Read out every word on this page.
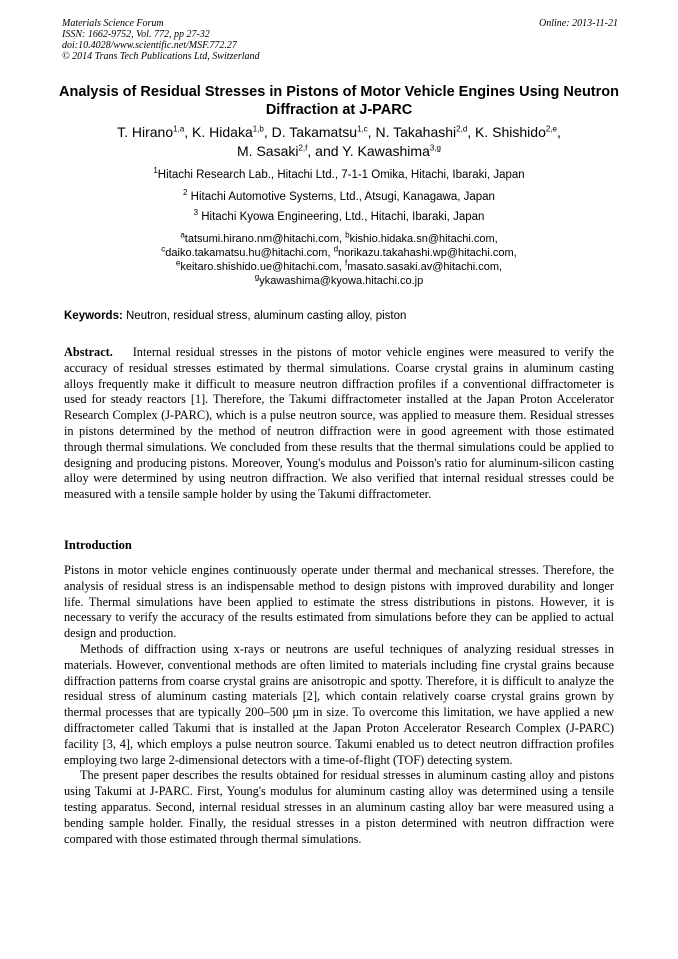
Materials Science Forum
ISSN: 1662-9752, Vol. 772, pp 27-32
doi:10.4028/www.scientific.net/MSF.772.27
© 2014 Trans Tech Publications Ltd, Switzerland
Online: 2013-11-21
Analysis of Residual Stresses in Pistons of Motor Vehicle Engines Using Neutron Diffraction at J-PARC
T. Hirano$^{1,a}$, K. Hidaka$^{1,b}$, D. Takamatsu$^{1,c}$, N. Takahashi$^{2,d}$, K. Shishido$^{2,e}$,
M. Sasaki$^{2,f}$, and Y. Kawashima$^{3,g}$
$^1$Hitachi Research Lab., Hitachi Ltd., 7-1-1 Omika, Hitachi, Ibaraki, Japan
$^2$ Hitachi Automotive Systems, Ltd., Atsugi, Kanagawa, Japan
$^3$ Hitachi Kyowa Engineering, Ltd., Hitachi, Ibaraki, Japan
$^a$tatsumi.hirano.nm@hitachi.com, $^b$kishio.hidaka.sn@hitachi.com,
$^c$daiko.takamatsu.hu@hitachi.com, $^d$norikazu.takahashi.wp@hitachi.com,
$^e$keitaro.shishido.ue@hitachi.com, $^f$masato.sasaki.av@hitachi.com,
$^g$ykawashima@kyowa.hitachi.co.jp
Keywords: Neutron, residual stress, aluminum casting alloy, piston
Abstract. Internal residual stresses in the pistons of motor vehicle engines were measured to verify the accuracy of residual stresses estimated by thermal simulations. Coarse crystal grains in aluminum casting alloys frequently make it difficult to measure neutron diffraction profiles if a conventional diffractometer is used for steady reactors [1]. Therefore, the Takumi diffractometer installed at the Japan Proton Accelerator Research Complex (J-PARC), which is a pulse neutron source, was applied to measure them. Residual stresses in pistons determined by the method of neutron diffraction were in good agreement with those estimated through thermal simulations. We concluded from these results that the thermal simulations could be applied to designing and producing pistons. Moreover, Young's modulus and Poisson's ratio for aluminum-silicon casting alloy were determined by using neutron diffraction. We also verified that internal residual stresses could be measured with a tensile sample holder by using the Takumi diffractometer.
Introduction

Pistons in motor vehicle engines continuously operate under thermal and mechanical stresses. Therefore, the analysis of residual stress is an indispensable method to design pistons with improved durability and longer life. Thermal simulations have been applied to estimate the stress distributions in pistons. However, it is necessary to verify the accuracy of the results estimated from simulations before they can be applied to actual design and production.

Methods of diffraction using x-rays or neutrons are useful techniques of analyzing residual stresses in materials. However, conventional methods are often limited to materials including fine crystal grains because diffraction patterns from coarse crystal grains are anisotropic and spotty. Therefore, it is difficult to analyze the residual stress of aluminum casting materials [2], which contain relatively coarse crystal grains grown by thermal processes that are typically 200–500 µm in size. To overcome this limitation, we have applied a new diffractometer called Takumi that is installed at the Japan Proton Accelerator Research Complex (J-PARC) facility [3, 4], which employs a pulse neutron source. Takumi enabled us to detect neutron diffraction profiles employing two large 2-dimensional detectors with a time-of-flight (TOF) detecting system.

The present paper describes the results obtained for residual stresses in aluminum casting alloy and pistons using Takumi at J-PARC. First, Young's modulus for aluminum casting alloy was determined using a tensile testing apparatus. Second, internal residual stresses in an aluminum casting alloy bar were measured using a bending sample holder. Finally, the residual stresses in a piston determined with neutron diffraction were compared with those estimated through thermal simulations.
